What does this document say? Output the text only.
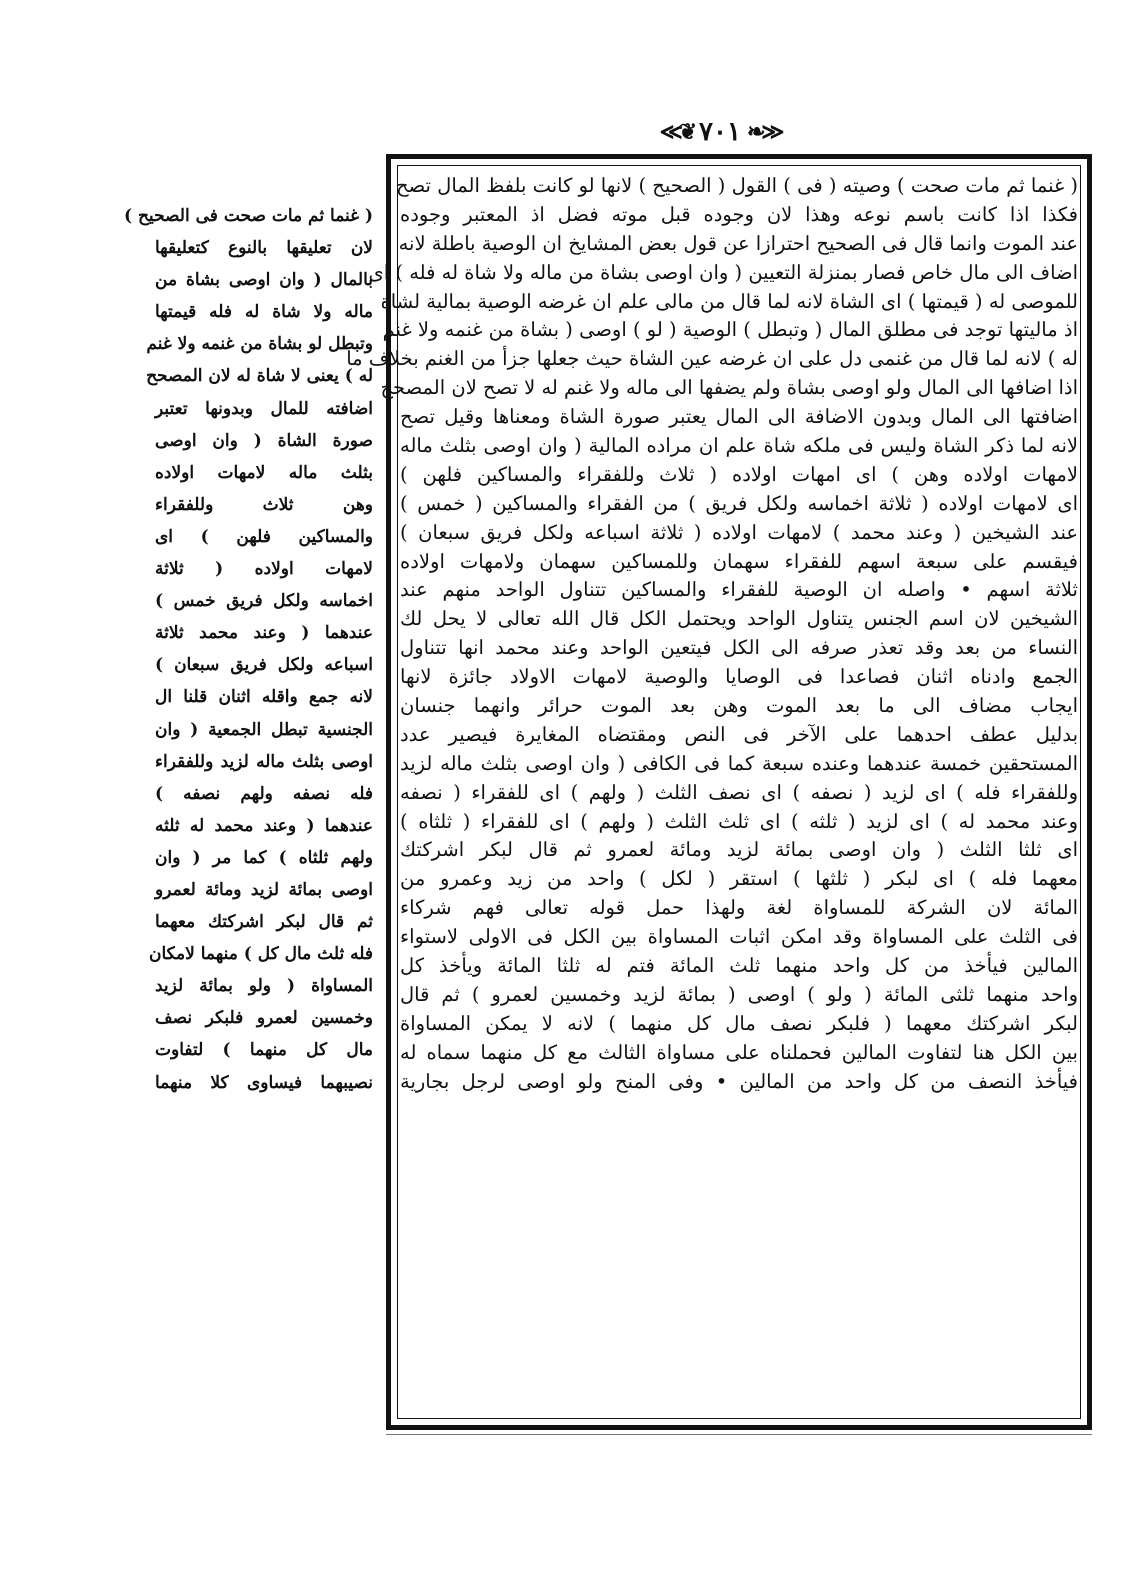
≪❦ ٧٠١ ❧≫
( غنما ثم مات صحت ) وصيته ( فى ) القول ( الصحيح ) لانها لو كانت بلفظ المال تصح
فكذا اذا كانت باسم نوعه وهذا لان وجوده قبل موته فضل اذ المعتبر وجوده
عند الموت وانما قال فى الصحيح احترازا عن قول بعض المشايخ ان الوصية باطلة لانه
اضاف الى مال خاص فصار بمنزلة التعيين ( وان اوصى بشاة من ماله ولا شاة له فله ) اى
للموصى له ( قيمتها ) اى الشاة لانه لما قال من مالى علم ان غرضه الوصية بمالية لشاة
اذ ماليتها توجد فى مطلق المال ( وتبطل ) الوصية ( لو ) اوصى ( بشاة من غنمه ولا غنم
له ) لانه لما قال من غنمى دل على ان غرضه عين الشاة حيث جعلها جزأ من الغنم بخلاف ما
اذا اضافها الى المال ولو اوصى بشاة ولم يضفها الى ماله ولا غنم له لا تصح لان المصحح
اضافتها الى المال وبدون الاضافة الى المال يعتبر صورة الشاة ومعناها وقيل تصح
لانه لما ذكر الشاة وليس فى ملكه شاة علم ان مراده المالية ( وان اوصى بثلث ماله
لامهات اولاده وهن ) اى امهات اولاده ( ثلاث وللفقراء والمساكين فلهن )
اى لامهات اولاده ( ثلاثة اخماسه ولكل فريق ) من الفقراء والمساكين ( خمس )
عند الشيخين ( وعند محمد ) لامهات اولاده ( ثلاثة اسباعه ولكل فريق سبعان )
فيقسم على سبعة اسهم للفقراء سهمان وللمساكين سهمان ولامهات اولاده
ثلاثة اسهم • واصله ان الوصية للفقراء والمساكين تتناول الواحد منهم عند
الشيخين لان اسم الجنس يتناول الواحد ويحتمل الكل قال الله تعالى لا يحل لك
النساء من بعد وقد تعذر صرفه الى الكل فيتعين الواحد وعند محمد انها تتناول
الجمع وادناه اثنان فصاعدا فى الوصايا والوصية لامهات الاولاد جائزة لانها
ايجاب مضاف الى ما بعد الموت وهن بعد الموت حرائر وانهما جنسان
بدليل عطف احدهما على الآخر فى النص ومقتضاه المغايرة فيصير عدد
المستحقين خمسة عندهما وعنده سبعة كما فى الكافى ( وان اوصى بثلث ماله لزيد
وللفقراء فله ) اى لزيد ( نصفه ) اى نصف الثلث ( ولهم ) اى للفقراء ( نصفه
وعند محمد له ) اى لزيد ( ثلثه ) اى ثلث الثلث ( ولهم ) اى للفقراء ( ثلثاه )
اى ثلثا الثلث ( وان اوصى بمائة لزيد ومائة لعمرو ثم قال لبكر اشركتك
معهما فله ) اى لبكر ( ثلثها ) استقر ( لكل ) واحد من زيد وعمرو من
المائة لان الشركة للمساواة لغة ولهذا حمل قوله تعالى فهم شركاء
فى الثلث على المساواة وقد امكن اثبات المساواة بين الكل فى الاولى لاستواء
المالين فيأخذ من كل واحد منهما ثلث المائة فتم له ثلثا المائة ويأخذ كل
واحد منهما ثلثى المائة ( ولو ) اوصى ( بمائة لزيد وخمسين لعمرو ) ثم قال
لبكر اشركتك معهما ( فلبكر نصف مال كل منهما ) لانه لا يمكن المساواة
بين الكل هنا لتفاوت المالين فحملناه على مساواة الثالث مع كل منهما سماه له
فيأخذ النصف من كل واحد من المالين • وفى المنح ولو اوصى لرجل بجارية
( غنما ثم مات صحت فى الصحيح )
لان تعليقها بالنوع كتعليقها
بالمال ( وان اوصى بشاة من
ماله ولا شاة له فله قيمتها
وتبطل لو بشاة من غنمه ولا غنم
له ) يعنى لا شاة له لان المصحح
اضافته للمال وبدونها تعتبر
صورة الشاة ( وان اوصى
بثلث ماله لامهات اولاده
وهن ثلاث وللفقراء
والمساكين فلهن ) اى
لامهات اولاده ( ثلاثة
اخماسه ولكل فريق خمس )
عندهما ( وعند محمد ثلاثة
اسباعه ولكل فريق سبعان )
لانه جمع واقله اثنان قلنا ال
الجنسية تبطل الجمعية ( وان
اوصى بثلث ماله لزيد وللفقراء
فله نصفه ولهم نصفه )
عندهما ( وعند محمد له ثلثه
ولهم ثلثاه ) كما مر ( وان
اوصى بمائة لزيد ومائة لعمرو
ثم قال لبكر اشركتك معهما
فله ثلث مال كل ) منهما لامكان
المساواة ( ولو بمائة لزيد
وخمسين لعمرو فلبكر نصف
مال كل منهما ) لتفاوت
نصيبهما فيساوى كلا منهما
